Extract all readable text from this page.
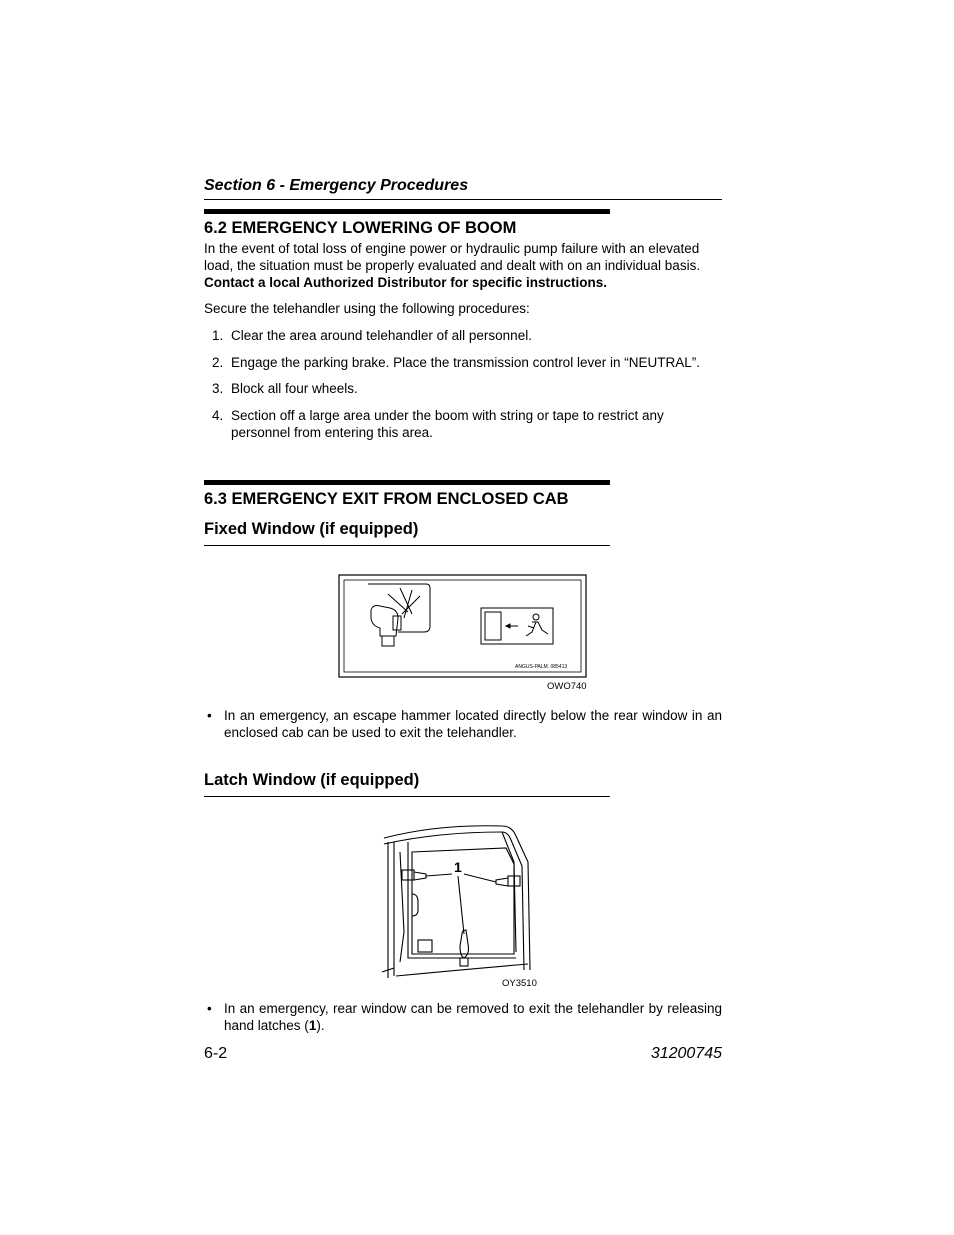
Section 6 - Emergency Procedures
6.2 EMERGENCY LOWERING OF BOOM
In the event of total loss of engine power or hydraulic pump failure with an elevated load, the situation must be properly evaluated and dealt with on an individual basis. Contact a local Authorized Distributor for specific instructions.
Secure the telehandler using the following procedures:
1. Clear the area around telehandler of all personnel.
2. Engage the parking brake. Place the transmission control lever in “NEUTRAL”.
3. Block all four wheels.
4. Section off a large area under the boom with string or tape to restrict any personnel from entering this area.
6.3 EMERGENCY EXIT FROM ENCLOSED CAB
Fixed Window (if equipped)
ANGUS-PALM. 085413
OWO740
• In an emergency, an escape hammer located directly below the rear window in an enclosed cab can be used to exit the telehandler.
Latch Window (if equipped)
1
OY3510
• In an emergency, rear window can be removed to exit the telehandler by releasing hand latches (1).
6-2	31200745
